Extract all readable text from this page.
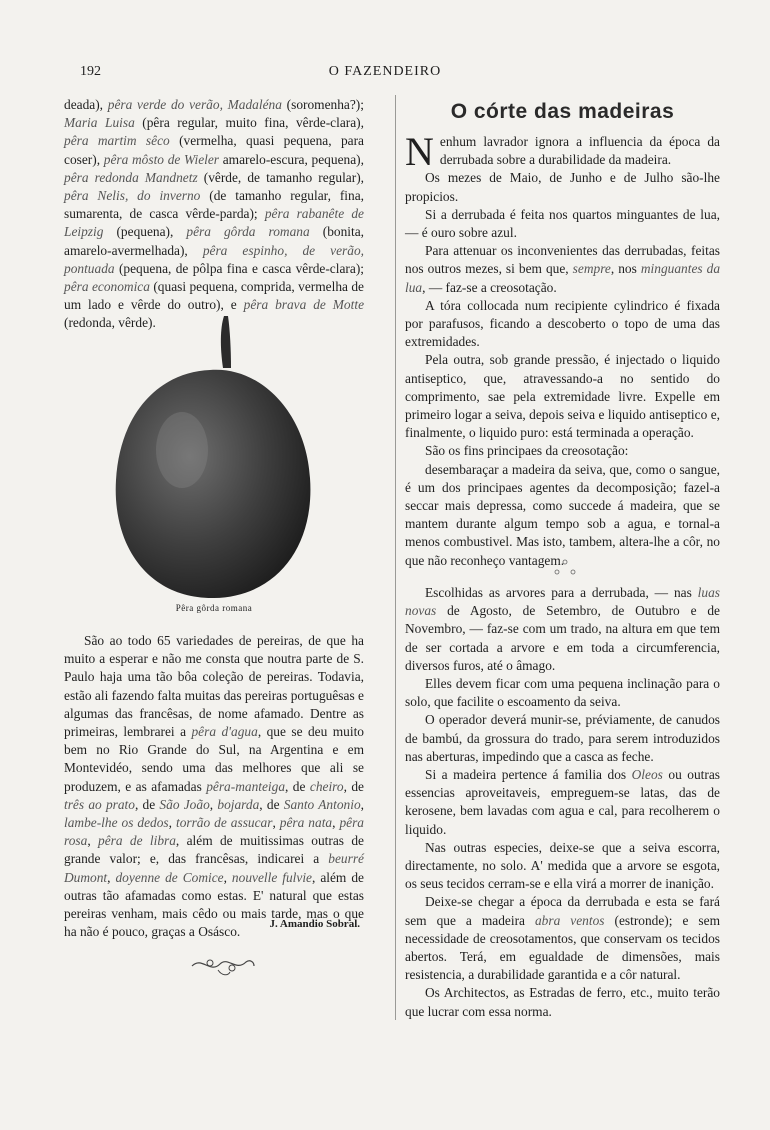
192	O FAZENDEIRO

deada), pêra verde do verão, Madaléna (soromenha?); Maria Luisa (pêra regular, muito fina, vêrde-clara), pêra martim sêco (vermelha, quasi pequena, para coser), pêra môsto de Wieler amarelo-escura, pequena), pêra redonda Mandnetz (vêrde, de tamanho regular), pêra Nelis, do inverno (de tamanho regular, fina, sumarenta, de casca vêrde-parda); pêra rabanête de Leipzig (pequena), pêra gôrda romana (bonita, amarelo-avermelhada), pêra espinho, de verão, pontuada (pequena, de pôlpa fina e casca vêrde-clara); pêra economica (quasi pequena, comprida, vermelha de um lado e vêrde do outro), e pêra brava de Motte (redonda, vêrde).

Pêra gôrda romana

São ao todo 65 variedades de pereiras, de que ha muito a esperar e não me consta que noutra parte de S. Paulo haja uma tão bôa coleção de pereiras. Todavia, estão ali fazendo falta muitas das pereiras portuguêsas e algumas das francêsas, de nome afamado. Dentre as primeiras, lembrarei a pêra d'agua, que se deu muito bem no Rio Grande do Sul, na Argentina e em Montevidéo, sendo uma das melhores que ali se produzem, e as afamadas pêra-manteiga, de cheiro, de três ao prato, de São João, bojarda, de Santo Antonio, lambe-lhe os dedos, torrão de assucar, pêra nata, pêra rosa, pêra de libra, além de muitissimas outras de grande valor; e, das francêsas, indicarei a beurré Dumont, doyenne de Comice, nouvelle fulvie, além de outras tão afamadas como estas. E' natural que estas pereiras venham, mais cêdo ou mais tarde, mas o que ha não é pouco, graças a Osásco.

J. Amandio Sobral.
O córte das madeiras

Nenhum lavrador ignora a influencia da época da derrubada sobre a durabilidade da madeira.

Os mezes de Maio, de Junho e de Julho são-lhe propicios.

Si a derrubada é feita nos quartos minguantes de lua, — é ouro sobre azul.

Para attenuar os inconvenientes das derrubadas, feitas nos outros mezes, si bem que, sempre, nos minguantes da lua, — faz-se a creosotação.

A tóra collocada num recipiente cylindrico é fixada por parafusos, ficando a descoberto o topo de uma das extremidades.

Pela outra, sob grande pressão, é injectado o liquido antiseptico, que, atravessando-a no sentido do comprimento, sae pela extremidade livre. Expelle em primeiro logar a seiva, depois seiva e liquido antiseptico e, finalmente, o liquido puro: está terminada a operação.

São os fins principaes da creosotação:

desembaraçar a madeira da seiva, que, como o sangue, é um dos principaes agentes da decomposição; fazel-a seccar mais depressa, como succede á madeira, que se mantem durante algum tempo sob a agua, e tornal-a menos combustivel. Mas isto, tambem, altera-lhe a côr, no que não reconheço vantagem.

Escolhidas as arvores para a derrubada, — nas luas novas de Agosto, de Setembro, de Outubro e de Novembro, — faz-se com um trado, na altura em que tem de ser cortada a arvore e em toda a circumferencia, diversos furos, até o âmago.

Elles devem ficar com uma pequena inclinação para o solo, que facilite o escoamento da seiva.

O operador deverá munir-se, préviamente, de canudos de bambú, da grossura do trado, para serem introduzidos nas aberturas, impedindo que a casca as feche.

Si a madeira pertence á familia dos Oleos ou outras essencias aproveitaveis, empreguem-se latas, das de kerosene, bem lavadas com agua e cal, para recolherem o liquido.

Nas outras especies, deixe-se que a seiva escorra, directamente, no solo. A' medida que a arvore se esgota, os seus tecidos cerram-se e ella virá a morrer de inanição.

Deixe-se chegar a época da derrubada e esta se fará sem que a madeira abra ventos (estronde); e sem necessidade de creosotamentos, que conservam os tecidos abertos. Terá, em egualdade de dimensões, mais resistencia, a durabilidade garantida e a côr natural.

Os Architectos, as Estradas de ferro, etc., muito terão que lucrar com essa norma.
